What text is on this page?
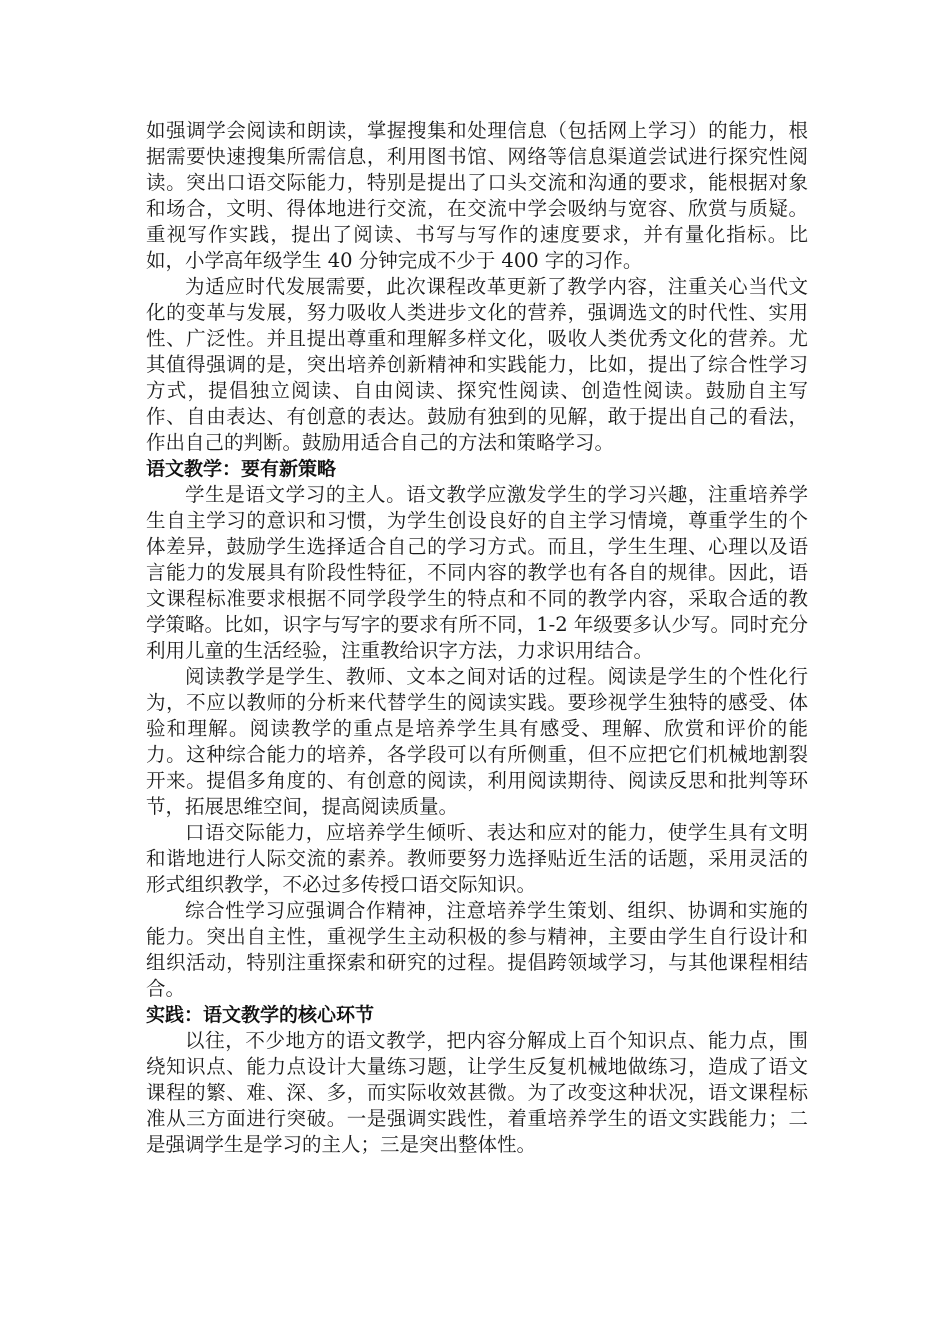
如强调学会阅读和朗读，掌握搜集和处理信息（包括网上学习）的能力，根据需要快速搜集所需信息，利用图书馆、网络等信息渠道尝试进行探究性阅读。突出口语交际能力，特别是提出了口头交流和沟通的要求，能根据对象和场合，文明、得体地进行交流，在交流中学会吸纳与宽容、欣赏与质疑。重视写作实践，提出了阅读、书写与写作的速度要求，并有量化指标。比如，小学高年级学生 40 分钟完成不少于 400 字的习作。

为适应时代发展需要，此次课程改革更新了教学内容，注重关心当代文化的变革与发展，努力吸收人类进步文化的营养，强调选文的时代性、实用性、广泛性。并且提出尊重和理解多样文化，吸收人类优秀文化的营养。尤其值得强调的是，突出培养创新精神和实践能力，比如，提出了综合性学习方式，提倡独立阅读、自由阅读、探究性阅读、创造性阅读。鼓励自主写作、自由表达、有创意的表达。鼓励有独到的见解，敢于提出自己的看法，作出自己的判断。鼓励用适合自己的方法和策略学习。

语文教学：要有新策略

学生是语文学习的主人。语文教学应激发学生的学习兴趣，注重培养学生自主学习的意识和习惯，为学生创设良好的自主学习情境，尊重学生的个体差异，鼓励学生选择适合自己的学习方式。而且，学生生理、心理以及语言能力的发展具有阶段性特征，不同内容的教学也有各自的规律。因此，语文课程标准要求根据不同学段学生的特点和不同的教学内容，采取合适的教学策略。比如，识字与写字的要求有所不同，1-2 年级要多认少写。同时充分利用儿童的生活经验，注重教给识字方法，力求识用结合。

阅读教学是学生、教师、文本之间对话的过程。阅读是学生的个性化行为，不应以教师的分析来代替学生的阅读实践。要珍视学生独特的感受、体验和理解。阅读教学的重点是培养学生具有感受、理解、欣赏和评价的能力。这种综合能力的培养，各学段可以有所侧重，但不应把它们机械地割裂开来。提倡多角度的、有创意的阅读，利用阅读期待、阅读反思和批判等环节，拓展思维空间，提高阅读质量。

口语交际能力，应培养学生倾听、表达和应对的能力，使学生具有文明和谐地进行人际交流的素养。教师要努力选择贴近生活的话题，采用灵活的形式组织教学，不必过多传授口语交际知识。

综合性学习应强调合作精神，注意培养学生策划、组织、协调和实施的能力。突出自主性，重视学生主动积极的参与精神，主要由学生自行设计和组织活动，特别注重探索和研究的过程。提倡跨领域学习，与其他课程相结合。

实践：语文教学的核心环节

以往，不少地方的语文教学，把内容分解成上百个知识点、能力点，围绕知识点、能力点设计大量练习题，让学生反复机械地做练习，造成了语文课程的繁、难、深、多，而实际收效甚微。为了改变这种状况，语文课程标准从三方面进行突破。一是强调实践性，着重培养学生的语文实践能力；二是强调学生是学习的主人；三是突出整体性。
